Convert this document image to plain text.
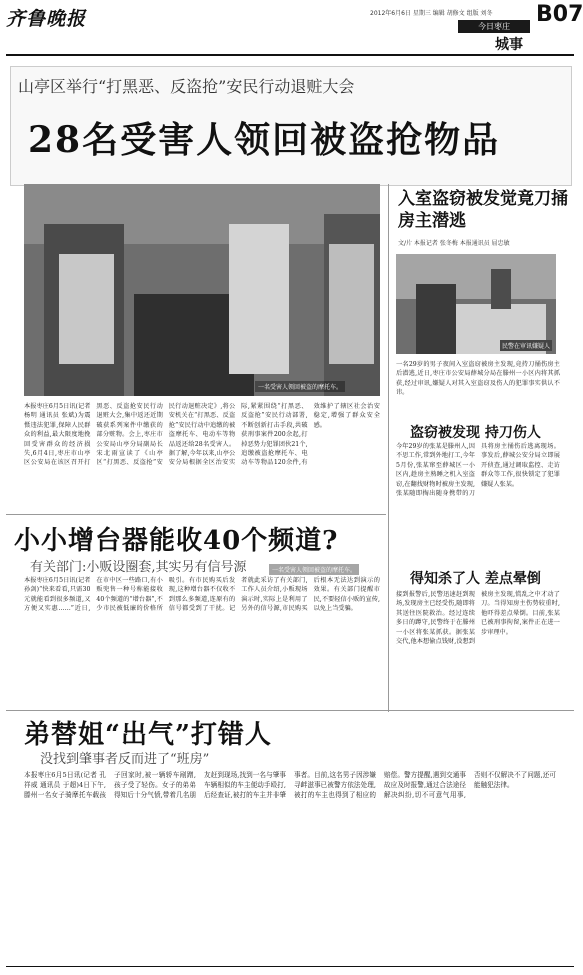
齐鲁晚报	2012年6月6日 星期三 编辑 胡修文 组版 刘冬 B07
今日枣庄
城事
山亭区举行“打黑恶、反盗抢”安民行动退赃大会
28名受害人领回被盗抢物品
一名受害人领回被盗的摩托车。
一名受害人领回被盗的摩托车。
本报枣庄6月5日讯(记者 杨明 通讯员 张斌)为震慑违法犯罪,保障人民群众的利益,最大限度地挽回受害群众的经济损失,6月4日,枣庄市山亭区公安局在该区召开打黑恶、反盗抢安民行动退赃大会,集中返还近期破获系列案件中缴获的部分赃物。会上,枣庄市公安局山亭分局副局长宋北雨宣读了《山亭区“打黑恶、反盗抢”安民行动退赃决定》,将公安机关在“打黑恶、反盗抢”安民行动中追缴的被盗摩托车、电动车等物品返还给28名受害人。据了解,今年以来,山亭公安分局根据全区治安实际,紧紧围绕“打黑恶、反盗抢”安民行动部署,不断创新打击手段,共破获刑事案件200余起,打掉恶势力犯罪团伙21个,追缴被盗抢摩托车、电动车等物品120余件,有效维护了辖区社会治安稳定,增强了群众安全感。
入室盗窃被发觉竟刀捅房主潜逃
文/片 本报记者 张冬梅 本报通讯员 屈忠敏
民警在审讯嫌疑人
一名29岁的男子夜间入室盗窃被房主发现,竟持刀捅伤房主后潜逃,近日,枣庄市公安局薛城分局在滕州一小区内将其抓获,经过审讯,嫌疑人对其入室盗窃及伤人的犯罪事实供认不讳。
盗窃被发现 持刀伤人
今年29岁的张某是滕州人,因不思工作,常到外地打工,今年5月份,张某窜至薛城区一小区内,趁房主熟睡之机入室盗窃,在翻找财物时被房主发现,张某随即掏出随身携带的刀具将房主捅伤后逃离现场。事发后,薛城公安分局立即展开侦查,通过调取监控、走访群众等工作,很快锁定了犯罪嫌疑人张某。
小小增台器能收40个频道?
有关部门:小贩设圈套,其实另有信号源
本报枣庄6月5日讯(记者 孙剑)“快来看看,只需30元就能看到很多频道,又方便又实惠……”近日,在市中区一些路口,有小贩兜售一种号称能接收40个频道的“增台器”,不少市民被低廉的价格所吸引。有市民购买后发现,这种增台器不仅收不到那么多频道,连原有的信号都受到了干扰。记者就此采访了有关部门,工作人员介绍,小贩现场演示时,实际上是利用了另外的信号源,市民购买后根本无法达到演示的效果。有关部门提醒市民,不要轻信小贩的宣传,以免上当受骗。
得知杀了人 差点晕倒
接到报警后,民警迅速赶到现场,发现房主已经受伤,随即将其送往医院救治。经过连续多日的蹲守,民警终于在滕州一小区将张某抓获。据张某交代,他本想偷点钱财,没想到被房主发现,慌乱之中才动了刀。当得知房主伤势较重时,他吓得差点晕倒。目前,张某已被刑事拘留,案件正在进一步审理中。
弟替姐“出气”打错人
没找到肇事者反而进了“班房”
本报枣庄6月5日讯(记者 孔祥威 通讯员 于超)4日下午,滕州一名女子骑摩托车载孩子回家时,被一辆轿车剐蹭,孩子受了轻伤。女子的弟弟得知后十分气愤,带着几名朋友赶到现场,找到一名与肇事车辆相似的车主便动手殴打,后经查证,被打的车主并非肇事者。目前,这名男子因涉嫌寻衅滋事已被警方依法处理,被打的车主也得到了相应的赔偿。警方提醒,遇到交通事故应及时报警,通过合法途径解决纠纷,切不可意气用事,否则不仅解决不了问题,还可能触犯法律。
